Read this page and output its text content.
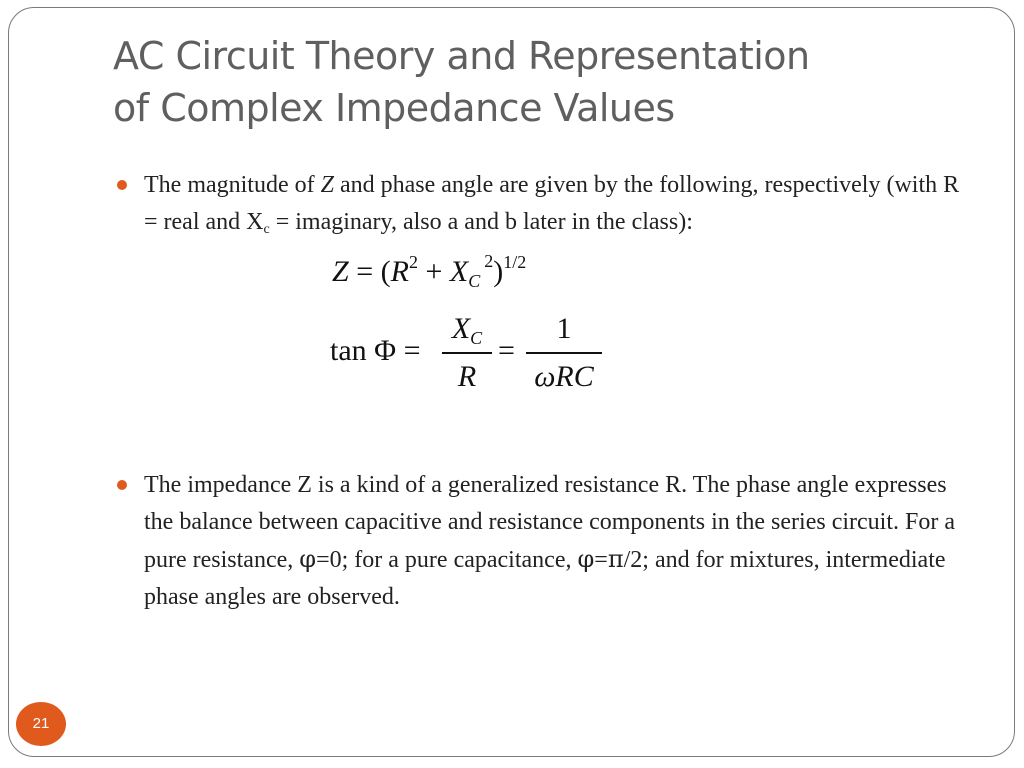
AC Circuit Theory and Representation
of Complex Impedance Values
The magnitude of Z and phase angle are given by the following, respectively (with R = real and $X_c$ = imaginary, also a and b later in the class):
$Z = (R^2 + X_C^2)^{1/2}$
tan Φ =
$X_C$
R
=
1
ωRC
The impedance Z is a kind of a generalized resistance R. The phase angle expresses the balance between capacitive and resistance components in the series circuit. For a pure resistance, φ=0; for a pure capacitance, φ=π/2; and for mixtures, intermediate phase angles are observed.
21
